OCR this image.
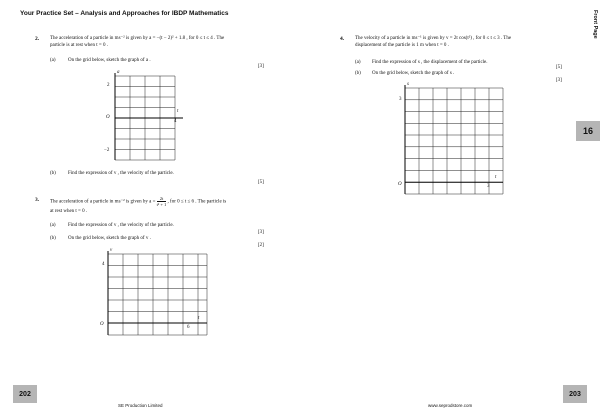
Your Practice Set – Analysis and Approaches for IBDP Mathematics	Front Page
16
2. The acceleration of a particle in ms⁻² is given by a = −(t − 2)² + 1.8 , for 0 ≤ t ≤ 4 . The
particle is at rest when t = 0 .
(a) On the grid below, sketch the graph of a .
[3]
a
2
−2
O
t
4
(b) Find the expression of v , the velocity of the particle.
[5]
3. The acceleration of a particle in ms⁻² is given by $a = \frac{2t}{\text{t² + 1}}$ , for 0 ≤ t ≤ 6 . The particle is
at rest when t = 0 .
(a) Find the expression of v , the velocity of the particle.
[3]
(b) On the grid below, sketch the graph of v .
[2]
v
4
O
t
6
202
SE Production Limited
4. The velocity of a particle in ms⁻¹ is given by v = 2t cos(t²) , for 0 ≤ t ≤ 3 . The
displacement of the particle is 1 m when t = 0 .
(a) Find the expression of s , the displacement of the particle.
[5]
(b) On the grid below, sketch the graph of s .
[3]
s
3
O
t
3
203
www.seprodstore.com
